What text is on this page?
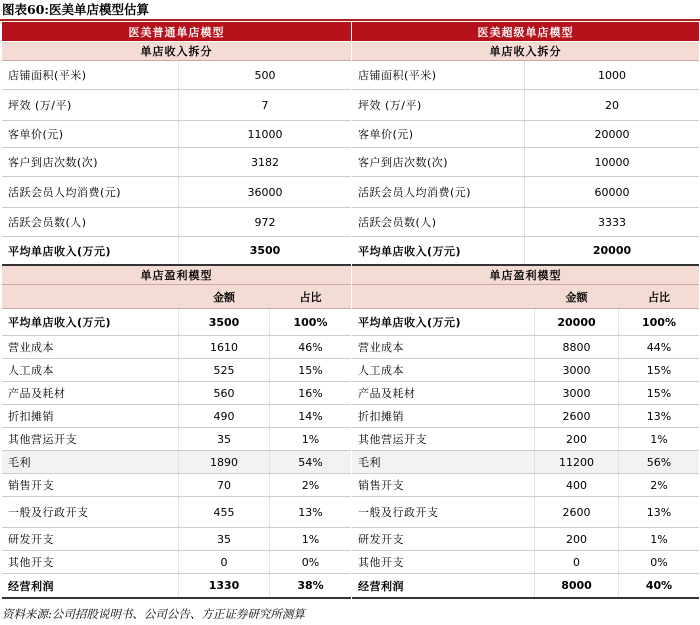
图表60:医美单店模型估算
医美普通单店模型
单店收入拆分
店铺面积(平米)	500
坪效 (万/平)	7
客单价(元)	11000
客户到店次数(次)	3182
活跃会员人均消费(元)	36000
活跃会员数(人)	972
平均单店收入(万元)	3500
单店盈利模型
金额	占比
平均单店收入(万元)	3500	100%
营业成本	1610	46%
人工成本	525	15%
产品及耗材	560	16%
折扣摊销	490	14%
其他营运开支	35	1%
毛利	1890	54%
销售开支	70	2%
一般及行政开支	455	13%
研发开支	35	1%
其他开支	0	0%
经营利润	1330	38%
医美超级单店模型
单店收入拆分
店铺面积(平米)	1000
坪效 (万/平)	20
客单价(元)	20000
客户到店次数(次)	10000
活跃会员人均消费(元)	60000
活跃会员数(人)	3333
平均单店收入(万元)	20000
单店盈利模型
金额	占比
平均单店收入(万元)	20000	100%
营业成本	8800	44%
人工成本	3000	15%
产品及耗材	3000	15%
折扣摊销	2600	13%
其他营运开支	200	1%
毛利	11200	56%
销售开支	400	2%
一般及行政开支	2600	13%
研发开支	200	1%
其他开支	0	0%
经营利润	8000	40%
资料来源:公司招股说明书、公司公告、方正证券研究所测算
